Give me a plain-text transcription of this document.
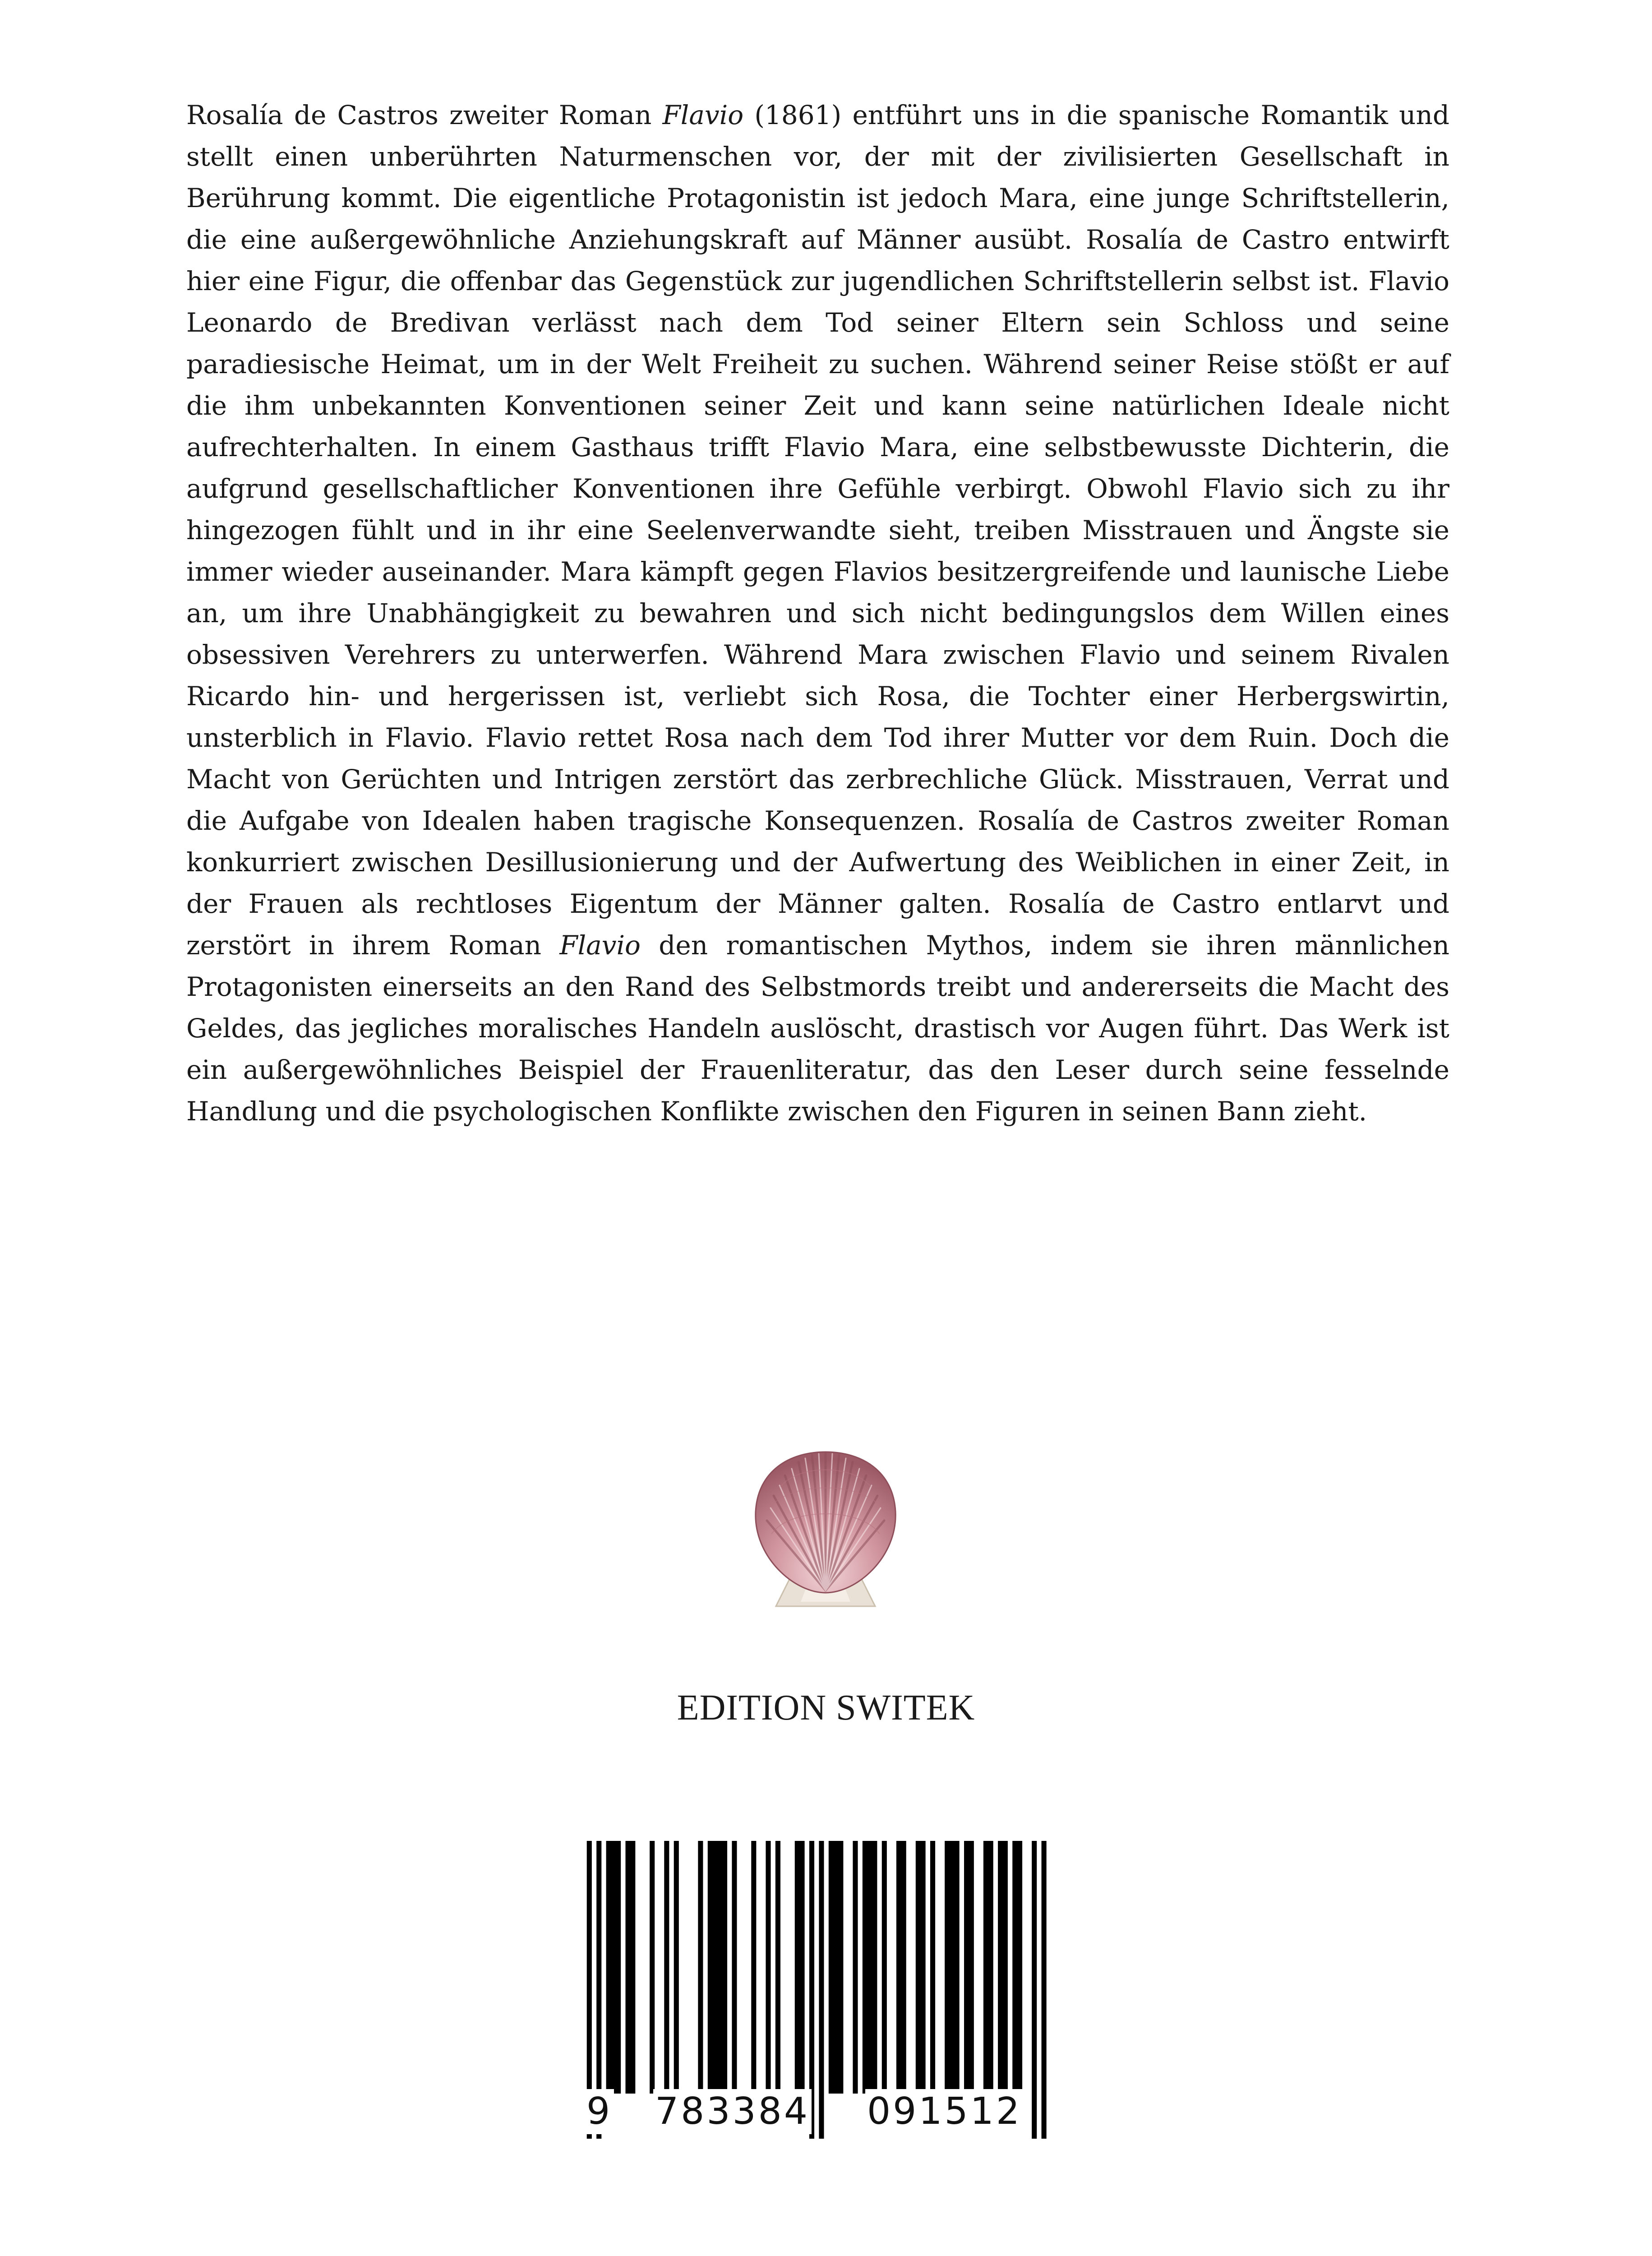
Rosalía de Castros zweiter Roman Flavio (1861) entführt uns in die spanische Romantik und stellt einen unberührten Naturmenschen vor, der mit der zivilisierten Gesellschaft in Berührung kommt. Die eigentliche Protagonistin ist jedoch Mara, eine junge Schriftstellerin, die eine außergewöhnliche Anziehungskraft auf Männer ausübt. Rosalía de Castro entwirft hier eine Figur, die offenbar das Gegenstück zur jugendlichen Schriftstellerin selbst ist. Flavio Leonardo de Bredivan verlässt nach dem Tod seiner Eltern sein Schloss und seine paradiesische Heimat, um in der Welt Freiheit zu suchen. Während seiner Reise stößt er auf die ihm unbekannten Konventionen seiner Zeit und kann seine natürlichen Ideale nicht aufrechterhalten. In einem Gasthaus trifft Flavio Mara, eine selbstbewusste Dichterin, die aufgrund gesellschaftlicher Konventionen ihre Gefühle verbirgt. Obwohl Flavio sich zu ihr hingezogen fühlt und in ihr eine Seelenverwandte sieht, treiben Misstrauen und Ängste sie immer wieder auseinander. Mara kämpft gegen Flavios besitzergreifende und launische Liebe an, um ihre Unabhängigkeit zu bewahren und sich nicht bedingungslos dem Willen eines obsessiven Verehrers zu unterwerfen. Während Mara zwischen Flavio und seinem Rivalen Ricardo hin- und hergerissen ist, verliebt sich Rosa, die Tochter einer Herbergswirtin, unsterblich in Flavio. Flavio rettet Rosa nach dem Tod ihrer Mutter vor dem Ruin. Doch die Macht von Gerüchten und Intrigen zerstört das zerbrechliche Glück. Misstrauen, Verrat und die Aufgabe von Idealen haben tragische Konsequenzen. Rosalía de Castros zweiter Roman konkurriert zwischen Desillusionierung und der Aufwertung des Weiblichen in einer Zeit, in der Frauen als rechtloses Eigentum der Männer galten. Rosalía de Castro entlarvt und zerstört in ihrem Roman Flavio den romantischen Mythos, indem sie ihren männlichen Protagonisten einerseits an den Rand des Selbstmords treibt und andererseits die Macht des Geldes, das jegliches moralisches Handeln auslöscht, drastisch vor Augen führt. Das Werk ist ein außergewöhnliches Beispiel der Frauenliteratur, das den Leser durch seine fesselnde Handlung und die psychologischen Konflikte zwischen den Figuren in seinen Bann zieht.

EDITION SWITEK
9 783384 091512
